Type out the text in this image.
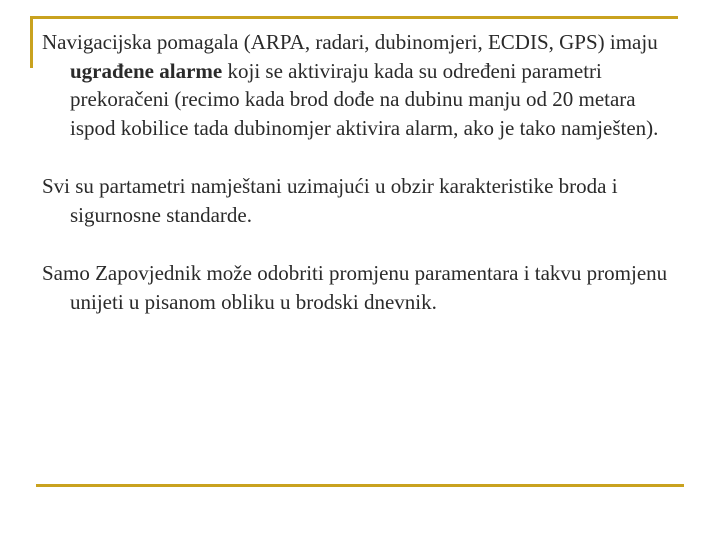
Navigacijska pomagala (ARPA, radari, dubinomjeri, ECDIS, GPS) imaju ugrađene alarme koji se aktiviraju kada su određeni parametri prekoračeni (recimo kada brod dođe na dubinu manju od 20 metara ispod kobilice tada dubinomjer aktivira alarm, ako je tako namješten).

Svi su partametri namještani uzimajući u obzir karakteristike broda i sigurnosne standarde.

Samo Zapovjednik može odobriti promjenu paramentara i takvu promjenu unijeti u pisanom obliku u brodski dnevnik.
